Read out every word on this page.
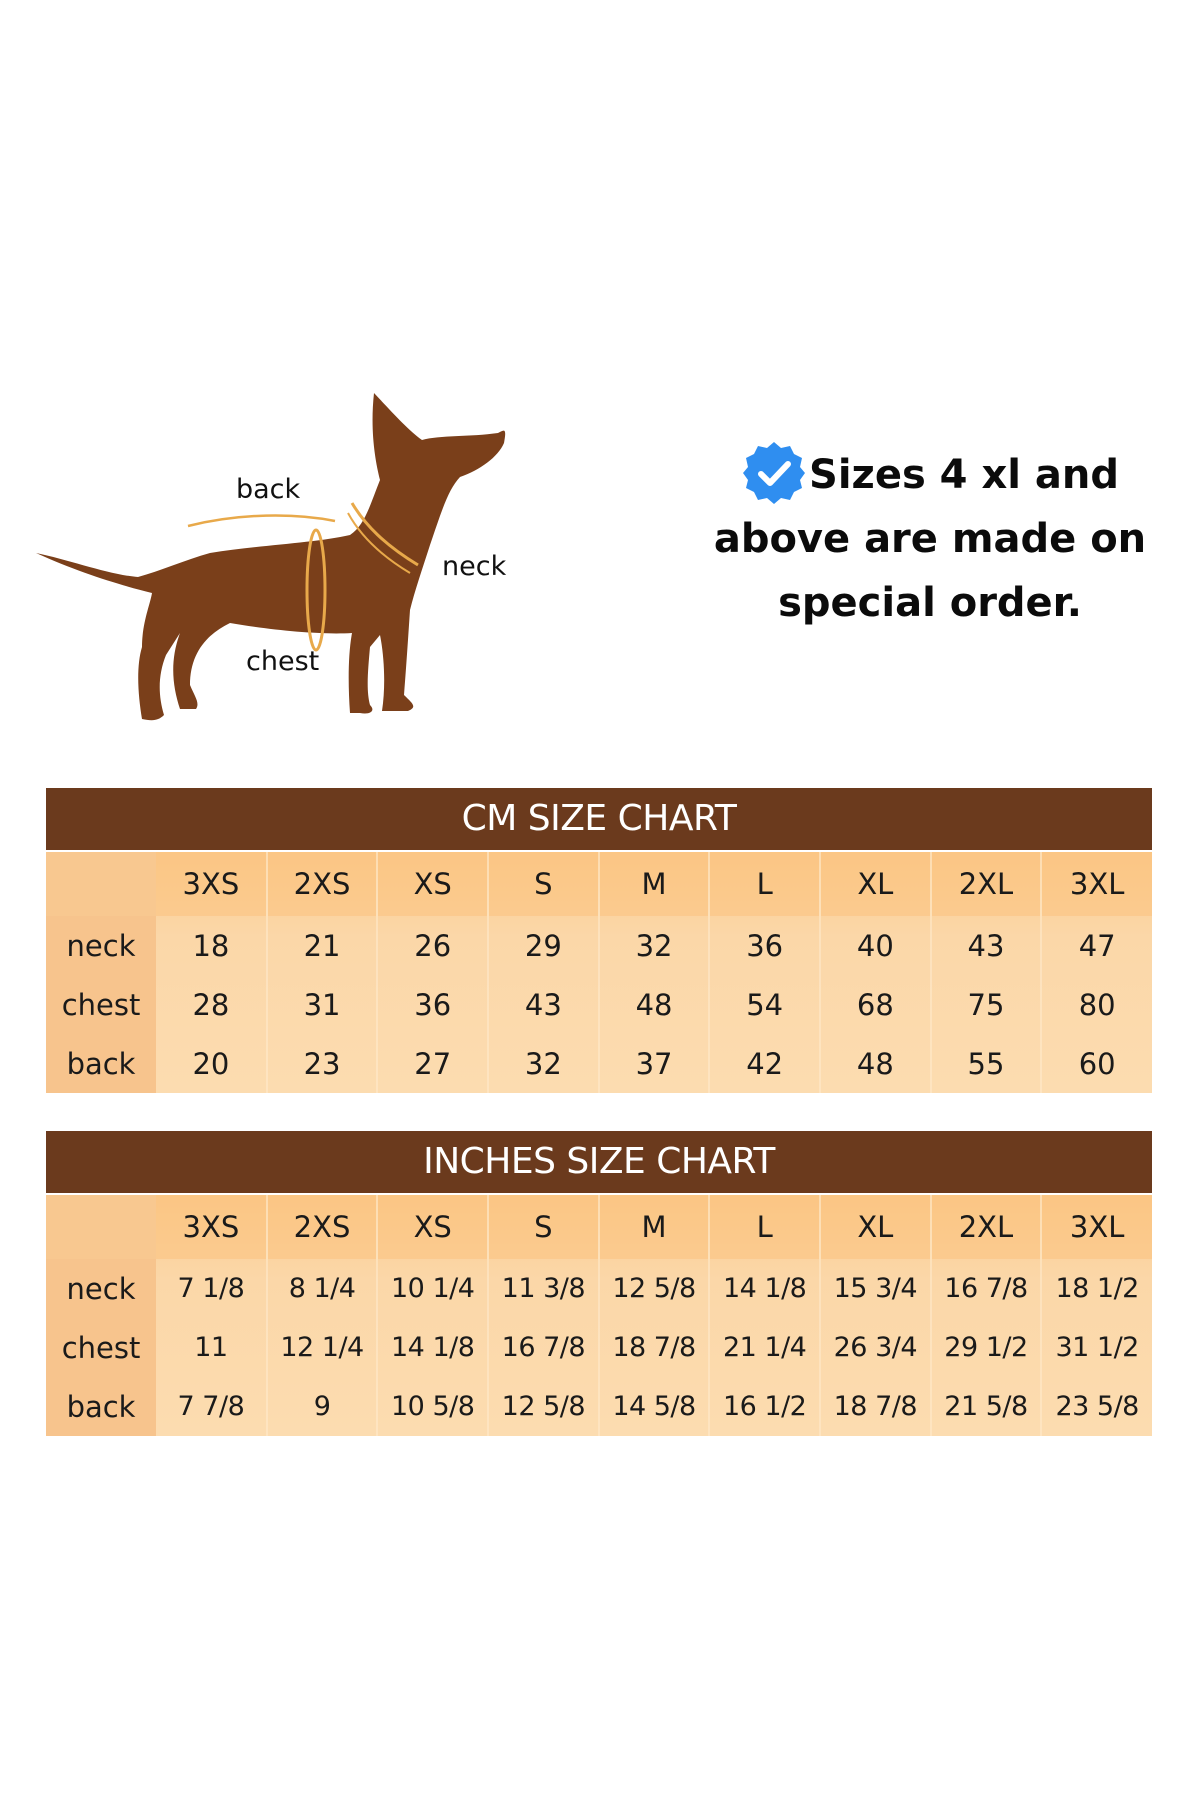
back
neck
chest
Sizes 4 xl and
above are made on
special order.
CM SIZE CHART
	3XS	2XS	XS	S	M	L	XL	2XL	3XL
neck	18	21	26	29	32	36	40	43	47
chest	28	31	36	43	48	54	68	75	80
back	20	23	27	32	37	42	48	55	60
INCHES SIZE CHART
	3XS	2XS	XS	S	M	L	XL	2XL	3XL
neck	7 1/8	8 1/4	10 1/4	11 3/8	12 5/8	14 1/8	15 3/4	16 7/8	18 1/2
chest	11	12 1/4	14 1/8	16 7/8	18 7/8	21 1/4	26 3/4	29 1/2	31 1/2
back	7 7/8	9	10 5/8	12 5/8	14 5/8	16 1/2	18 7/8	21 5/8	23 5/8
